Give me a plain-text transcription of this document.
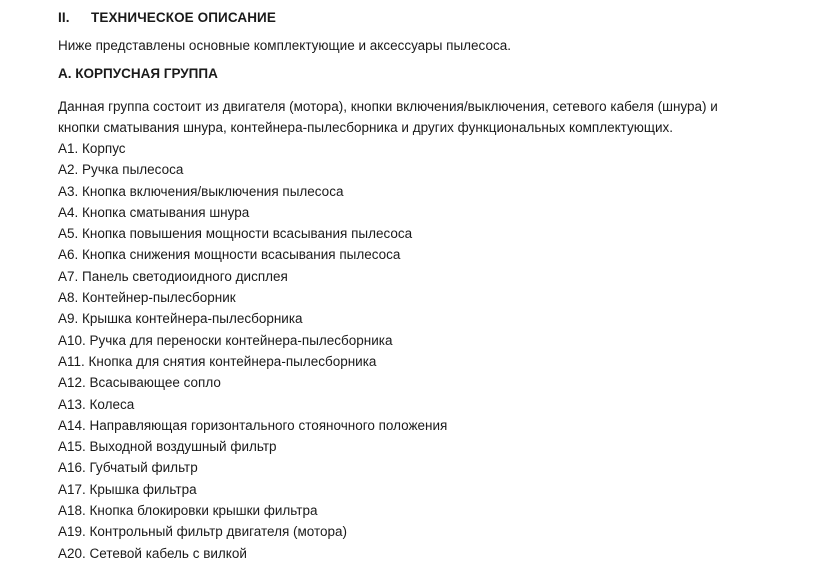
II.	ТЕХНИЧЕСКОЕ ОПИСАНИЕ
Ниже представлены основные комплектующие и аксессуары пылесоса.
A. КОРПУСНАЯ ГРУППА
Данная группа состоит из двигателя (мотора), кнопки включения/выключения, сетевого кабеля (шнура) и
кнопки сматывания шнура, контейнера-пылесборника и других функциональных комплектующих.
A1. Корпус
A2. Ручка пылесоса
A3. Кнопка включения/выключения пылесоса
A4. Кнопка сматывания шнура
A5. Кнопка повышения мощности всасывания пылесоса
A6. Кнопка снижения мощности всасывания пылесоса
A7. Панель светодиоидного дисплея
A8. Контейнер-пылесборник
A9. Крышка контейнера-пылесборника
A10. Ручка для переноски контейнера-пылесборника
A11. Кнопка для снятия контейнера-пылесборника
A12. Всасывающее сопло
A13. Колеса
A14. Направляющая горизонтального стояночного положения
A15. Выходной воздушный фильтр
A16. Губчатый фильтр
A17. Крышка фильтра
A18. Кнопка блокировки крышки фильтра
A19. Контрольный фильтр двигателя (мотора)
A20. Сетевой кабель с вилкой
